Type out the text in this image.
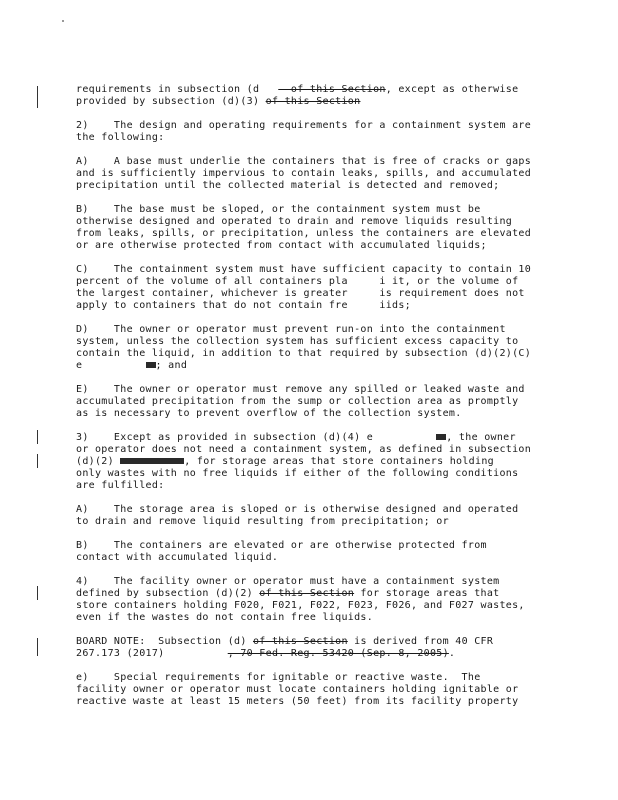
requirements in subsection (d     of this Section, except as otherwise
provided by subsection (d)(3) of this Section

2)    The design and operating requirements for a containment system are
the following:

A)    A base must underlie the containers that is free of cracks or gaps
and is sufficiently impervious to contain leaks, spills, and accumulated
precipitation until the collected material is detected and removed;

B)    The base must be sloped, or the containment system must be
otherwise designed and operated to drain and remove liquids resulting
from leaks, spills, or precipitation, unless the containers are elevated
or are otherwise protected from contact with accumulated liquids;

C)    The containment system must have sufficient capacity to contain 10
percent of the volume of all containers pla     i it, or the volume of
the largest container, whichever is greater     is requirement does not
apply to containers that do not contain fre     iids;

D)    The owner or operator must prevent run-on into the containment
system, unless the collection system has sufficient excess capacity to
contain the liquid, in addition to that required by subsection (d)(2)(C)
e	; and

E)    The owner or operator must remove any spilled or leaked waste and
accumulated precipitation from the sump or collection area as promptly
as is necessary to prevent overflow of the collection system.

3)    Except as provided in subsection (d)(4) e            , the owner
or operator does not need a containment system, as defined in subsection
(d)(2)	, for storage areas that store containers holding
only wastes with no free liquids if either of the following conditions
are fulfilled:

A)    The storage area is sloped or is otherwise designed and operated
to drain and remove liquid resulting from precipitation; or

B)    The containers are elevated or are otherwise protected from
contact with accumulated liquid.

4)    The facility owner or operator must have a containment system
defined by subsection (d)(2) of this Section for storage areas that
store containers holding F020, F021, F022, F023, F026, and F027 wastes,
even if the wastes do not contain free liquids.

BOARD NOTE:  Subsection (d) of this Section is derived from 40 CFR
267.173 (2017)	, 70 Fed. Reg. 53420 (Sep. 8, 2005).

e)    Special requirements for ignitable or reactive waste.  The
facility owner or operator must locate containers holding ignitable or
reactive waste at least 15 meters (50 feet) from its facility property
